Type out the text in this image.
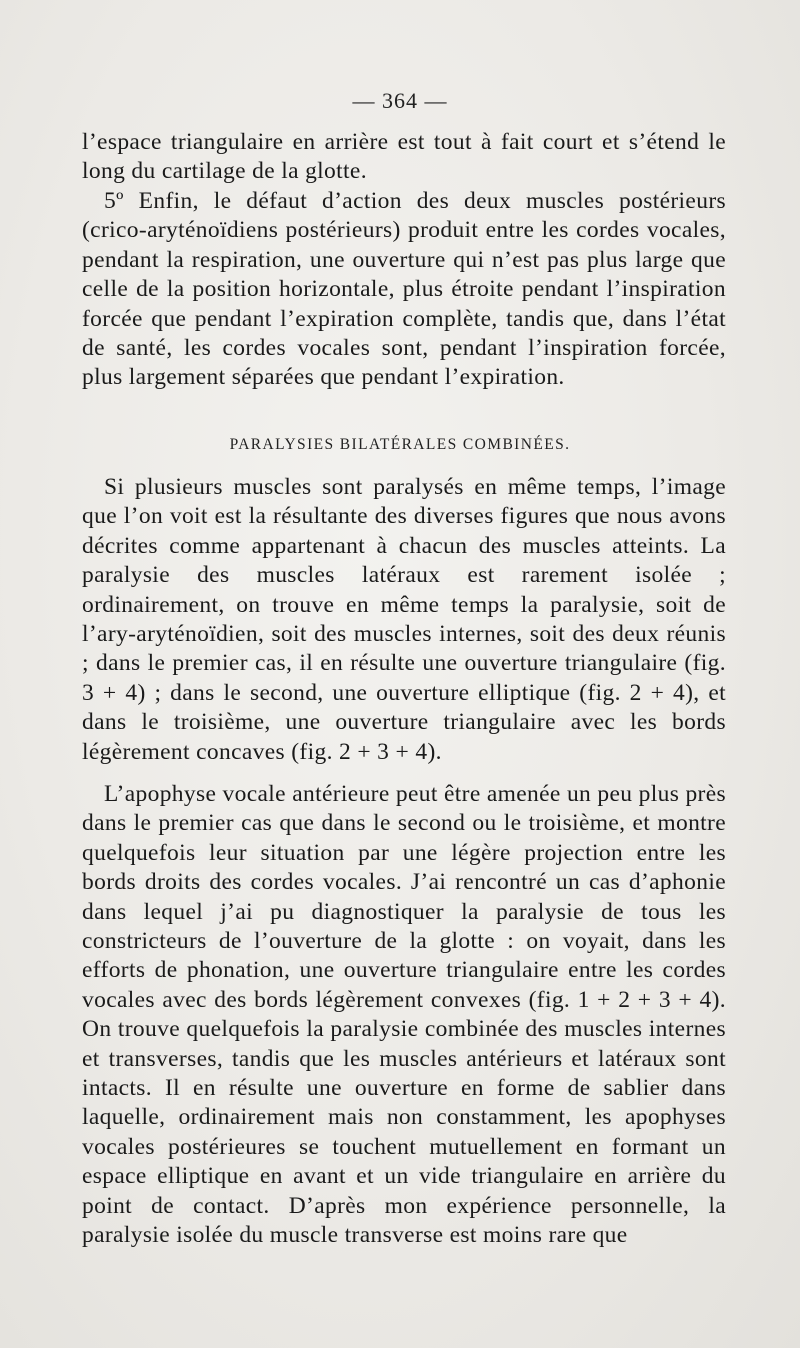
— 364 —

l’espace triangulaire en arrière est tout à fait court et s’étend le long du cartilage de la glotte.

5º Enfin, le défaut d’action des deux muscles postérieurs (crico-aryténoïdiens postérieurs) produit entre les cordes vocales, pendant la respiration, une ouverture qui n’est pas plus large que celle de la position horizontale, plus étroite pendant l’inspiration forcée que pendant l’expiration complète, tandis que, dans l’état de santé, les cordes vocales sont, pendant l’inspiration forcée, plus largement séparées que pendant l’expiration.

PARALYSIES BILATÉRALES COMBINÉES.

Si plusieurs muscles sont paralysés en même temps, l’image que l’on voit est la résultante des diverses figures que nous avons décrites comme appartenant à chacun des muscles atteints. La paralysie des muscles latéraux est rarement isolée ; ordinairement, on trouve en même temps la paralysie, soit de l’ary-aryténoïdien, soit des muscles internes, soit des deux réunis ; dans le premier cas, il en résulte une ouverture triangulaire (fig. 3 + 4) ; dans le second, une ouverture elliptique (fig. 2 + 4), et dans le troisième, une ouverture triangulaire avec les bords légèrement concaves (fig. 2 + 3 + 4).

L’apophyse vocale antérieure peut être amenée un peu plus près dans le premier cas que dans le second ou le troisième, et montre quelquefois leur situation par une légère projection entre les bords droits des cordes vocales. J’ai rencontré un cas d’aphonie dans lequel j’ai pu diagnostiquer la paralysie de tous les constricteurs de l’ouverture de la glotte : on voyait, dans les efforts de phonation, une ouverture triangulaire entre les cordes vocales avec des bords légèrement convexes (fig. 1 + 2 + 3 + 4). On trouve quelquefois la paralysie combinée des muscles internes et transverses, tandis que les muscles antérieurs et latéraux sont intacts. Il en résulte une ouverture en forme de sablier dans laquelle, ordinairement mais non constamment, les apophyses vocales postérieures se touchent mutuellement en formant un espace elliptique en avant et un vide triangulaire en arrière du point de contact. D’après mon expérience personnelle, la paralysie isolée du muscle transverse est moins rare que
